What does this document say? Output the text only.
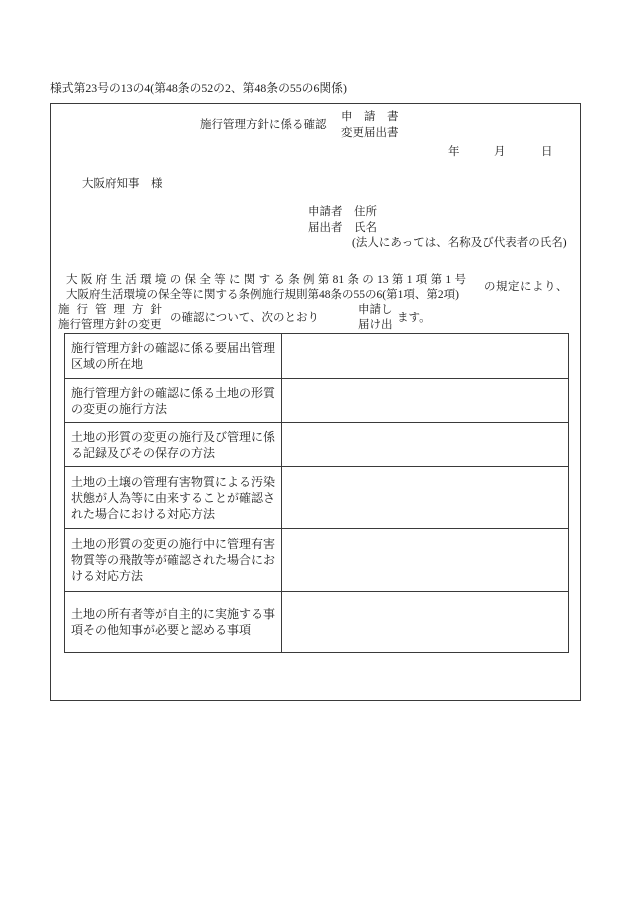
様式第23号の13の4(第48条の52の2、第48条の55の6関係)
施行管理方針に係る確認
申　請　書
変更届出書
年	月	日
大阪府知事　様
申請者　住所
届出者　氏名
(法人にあっては、名称及び代表者の氏名)
大阪府生活環境の保全等に関する条例第81条の13第1項第1号
大阪府生活環境の保全等に関する条例施行規則第48条の55の6(第1項、第2項)
の規定により、
施行管理方針
施行管理方針の変更
の確認について、次のとおり
申請し
届け出
ます。
施行管理方針の確認に係る要届出管理区域の所在地
施行管理方針の確認に係る土地の形質の変更の施行方法
土地の形質の変更の施行及び管理に係る記録及びその保存の方法
土地の土壌の管理有害物質による汚染状態が人為等に由来することが確認された場合における対応方法
土地の形質の変更の施行中に管理有害物質等の飛散等が確認された場合における対応方法
土地の所有者等が自主的に実施する事項その他知事が必要と認める事項
